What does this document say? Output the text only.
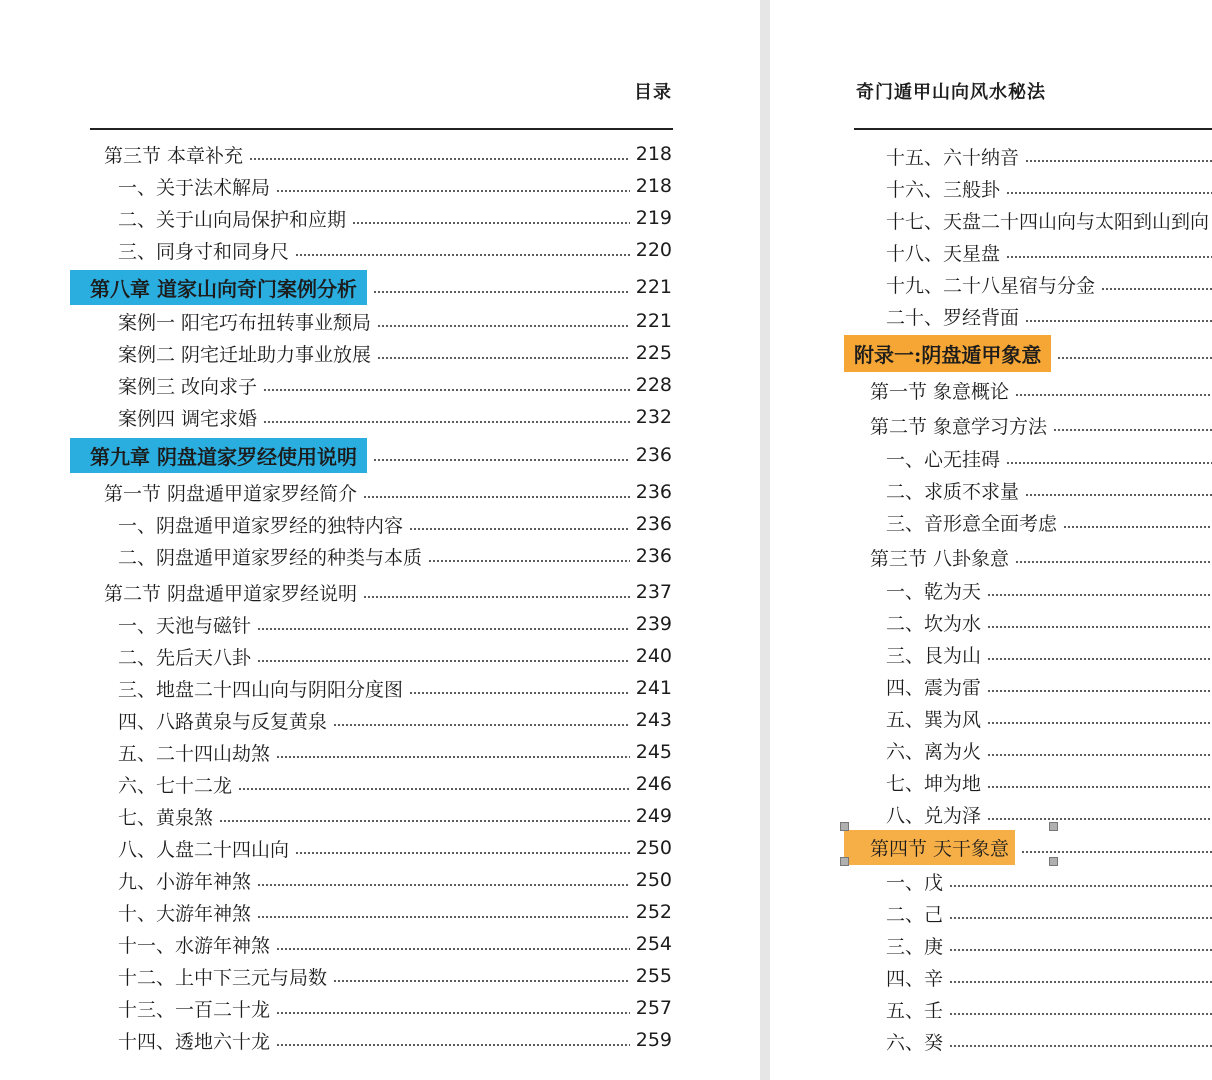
目录
第三节 本章补充	218
一、关于法术解局	218
二、关于山向局保护和应期	219
三、同身寸和同身尺	220
第八章 道家山向奇门案例分析	221
案例一 阳宅巧布扭转事业颓局	221
案例二 阴宅迁址助力事业放展	225
案例三 改向求子	228
案例四 调宅求婚	232
第九章 阴盘道家罗经使用说明	236
第一节 阴盘遁甲道家罗经简介	236
一、阴盘遁甲道家罗经的独特内容	236
二、阴盘遁甲道家罗经的种类与本质	236
第二节 阴盘遁甲道家罗经说明	237
一、天池与磁针	239
二、先后天八卦	240
三、地盘二十四山向与阴阳分度图	241
四、八路黄泉与反复黄泉	243
五、二十四山劫煞	245
六、七十二龙	246
七、黄泉煞	249
八、人盘二十四山向	250
九、小游年神煞	250
十、大游年神煞	252
十一、水游年神煞	254
十二、上中下三元与局数	255
十三、一百二十龙	257
十四、透地六十龙	259
奇门遁甲山向风水秘法
十五、六十纳音
十六、三般卦
十七、天盘二十四山向与太阳到山到向
十八、天星盘
十九、二十八星宿与分金
二十、罗经背面
附录一:阴盘遁甲象意
第一节 象意概论
第二节 象意学习方法
一、心无挂碍
二、求质不求量
三、音形意全面考虑
第三节 八卦象意
一、乾为天
二、坎为水
三、艮为山
四、震为雷
五、巽为风
六、离为火
七、坤为地
八、兑为泽
第四节 天干象意
一、戊
二、己
三、庚
四、辛
五、壬
六、癸
